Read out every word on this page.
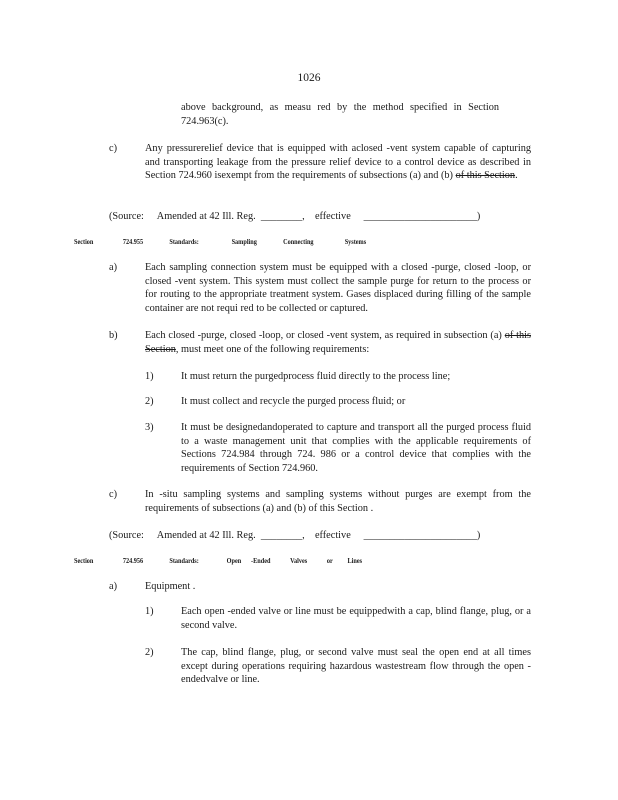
1026
above background, as measu red by the method specified in Section 724.963(c).
c)	Any pressurerelief device that is equipped with aclosed -vent system capable of capturing and transporting leakage from the pressure relief device to a control device as described in Section 724.960 isexempt from the requirements of subsections (a) and (b) of this Section.
(Source: Amended at 42 Ill. Reg. ________, effective ______________________)
Section	724.955	Standards:	Sampling	Connecting	Systems
a)	Each sampling connection system must be equipped with a closed -purge, closed -loop, or closed -vent system. This system must collect the sample purge for return to the process or for routing to the appropriate treatment system. Gases displaced during filling of the sample container are not requi red to be collected or captured.
b)	Each closed -purge, closed -loop, or closed -vent system, as required in subsection (a) of this Section, must meet one of the following requirements:
1)	It must return the purgedprocess fluid directly to the process line;
2)	It must collect and recycle the purged process fluid; or
3)	It must be designedandoperated to capture and transport all the purged process fluid to a waste management unit that complies with the applicable requirements of Sections 724.984 through 724. 986 or a control device that complies with the requirements of Section 724.960.
c)	In -situ sampling systems and sampling systems without purges are exempt from the requirements of subsections (a) and (b) of this Section .
(Source: Amended at 42 Ill. Reg. ________, effective ______________________)
Section	724.956	Standards:	Open -Ended	Valves	or Lines
a)	Equipment .
1)	Each open -ended valve or line must be equippedwith a cap, blind flange, plug, or a second valve.
2)	The cap, blind flange, plug, or second valve must seal the open end at all times except during operations requiring hazardous wastestream flow through the open -endedvalve or line.
